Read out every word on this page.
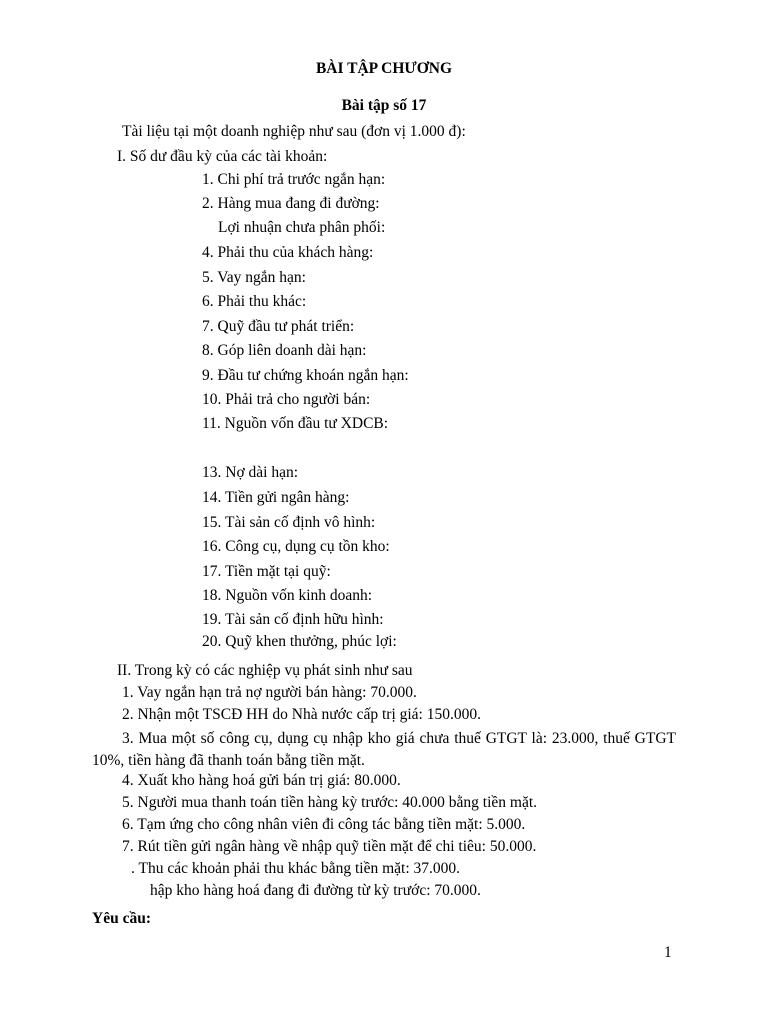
BÀI TẬP CHƯƠNG
Bài tập số 17
Tài liệu tại một doanh nghiệp như sau (đơn vị 1.000 đ):
I. Số dư đầu kỳ của các tài khoản:
1. Chi phí trả trước ngắn hạn:
2. Hàng mua đang đi đường:
Lợi nhuận chưa phân phối:
4. Phải thu của khách hàng:
5. Vay ngắn hạn:
6. Phải thu khác:
7. Quỹ đầu tư phát triển:
8. Góp liên doanh dài hạn:
9. Đầu tư chứng khoán ngắn hạn:
10. Phải trả cho người bán:
11. Nguồn vốn đầu tư XDCB:
13. Nợ dài hạn:
14. Tiền gửi ngân hàng:
15. Tài sản cố định vô hình:
16. Công cụ, dụng cụ tồn kho:
17. Tiền mặt tại quỹ:
18. Nguồn vốn kinh doanh:
19. Tài sản cố định hữu hình:
20. Quỹ khen thưởng, phúc lợi:
II. Trong kỳ có các nghiệp vụ phát sinh như sau
1. Vay ngắn hạn trả nợ người bán hàng: 70.000.
2. Nhận một TSCĐ HH do Nhà nước cấp trị giá: 150.000.
3. Mua một số công cụ, dụng cụ nhập kho giá chưa thuế GTGT là: 23.000, thuế GTGT 10%, tiền hàng đã thanh toán bằng tiền mặt.
4. Xuất kho hàng hoá gửi bán trị giá: 80.000.
5. Người mua thanh toán tiền hàng kỳ trước: 40.000 bằng tiền mặt.
6. Tạm ứng cho công nhân viên đi công tác bằng tiền mặt: 5.000.
7. Rút tiền gửi ngân hàng về nhập quỹ tiền mặt để chi tiêu: 50.000.
. Thu các khoản phải thu khác bằng tiền mặt: 37.000.
hập kho hàng hoá đang đi đường từ kỳ trước: 70.000.
Yêu cầu:
1
